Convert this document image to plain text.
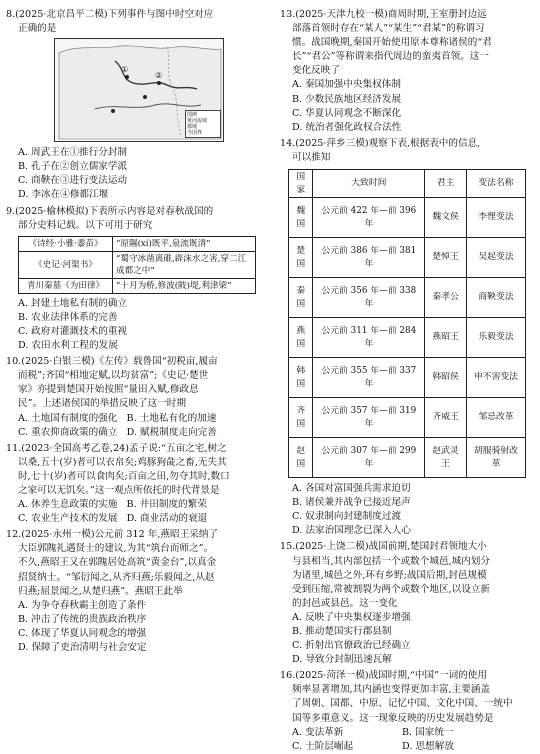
8.(2025·北京昌平二模)下列事件与图中时空对应

正确的是

①
②
图例
黄河流域
都城
今国界

A. 周武王在①推行分封制

B. 孔子在②创立儒家学派

C. 商鞅在③进行变法运动

D. 李冰在④修都江堰

9.(2025·榆林模拟)下表所示内容是对春秋战国的

部分史料记载。以下可用于研究

《诗经·小雅·黍苗》	“原隰(xí)既平,泉流既清”
《史记·河渠书》	“蜀守冰凿离碓,辟沫水之害,穿二江成都之中”
青川秦墓《为田律》	“十月为桥,修波(陂)堤,利津梁”

A. 封建土地私有制的确立

B. 农业法律体系的完善

C. 政府对灌溉技术的重视

D. 农田水利工程的发展

10.(2025·白银三模)《左传》载鲁国“初税亩,履亩

而税”;齐国“相地定赋,以均贫富”;《史记·楚世

家》亦提到楚国开始按照“量田入赋,修政息

民”。上述诸侯国的举措反映了这一时期

A. 土地国有制度的强化 B. 土地私有化的加速

C. 重农抑商政策的确立 D. 赋税制度走向完善

11.(2023·全国高考乙卷,24)孟子说:“五亩之宅,树之

以桑,五十(岁)者可以衣帛矣;鸡豚狗彘之畜,无失其

时,七十(岁)者可以食肉矣;百亩之田,勿夺其时,数口

之家可以无饥矣。”这一观点所依托的时代背景是

A. 休养生息政策的实施 B. 井田制度的繁荣

C. 农业生产技术的发展 D. 商业活动的衰退

12.(2025·永州一模)公元前 312 年,燕昭王采纳了

大臣郭隗礼遇贤士的建议,为其“筑台而师之”。

不久,燕昭王又在郭隗居处高筑“黄金台”,以真金

招贤纳士。“邹衍闻之,从齐归燕;乐毅闻之,从赵

归燕;屈景闻之,从楚归燕”。燕昭王此举

A. 为争夺春秋霸主创造了条件

B. 冲击了传统的贵族政治秩序

C. 体现了华夏认同观念的增强

D. 保障了吏治清明与社会安定

13.(2025·天津九校一模)商周时期,王室册封边远

部落首领时存在“某人”“某生”“君某”的称谓习

惯。战国晚期,秦国开始使用原本尊称诸侯的“君

长”“君公”等称谓来指代周边的蛮夷首领。这一

变化反映了

A. 秦国加强中央集权体制

B. 少数民族地区经济发展

C. 华夏认同观念不断深化

D. 统治者强化政权合法性

14.(2025·萍乡三模)观察下表,根据表中的信息,

可以推知

国家	大致时间	君主	变法名称
魏国	公元前 422 年—前 396 年	魏文侯	李悝变法
楚国	公元前 386 年—前 381 年	楚悼王	吴起变法
秦国	公元前 356 年—前 338 年	秦孝公	商鞅变法
燕国	公元前 311 年—前 284 年	燕昭王	乐毅变法
韩国	公元前 355 年—前 337 年	韩昭侯	申不害变法
齐国	公元前 357 年—前 319 年	齐威王	邹忌改革
赵国	公元前 307 年—前 299 年	赵武灵王	胡服骑射改革

A. 各国对富国强兵需求迫切

B. 诸侯兼并战争已接近尾声

C. 奴隶制向封建制度过渡

D. 法家治国理念已深入人心

15.(2025·上饶二模)战国前期,楚国封君领地大小

与县相当,其内部包括一个或数个城邑,城内划分

为诸里,城邑之外,环有乡野;战国后期,封邑规模

受到压缩,常被割裂为两个或数个地区,以设立新

的封邑或县邑。这一变化

A. 反映了中央集权逐步增强

B. 推动楚国实行郡县制

C. 折射出官僚政治已经确立

D. 导致分封制迅速瓦解

16.(2025·菏泽一模)战国时期,“中国”一词的使用

频率显著增加,其内涵也变得更加丰富,主要涵盖

了周朝、国都、中原、记忆中国、文化中国、一统中

国等多重意义。这一现象反映的历史发展趋势是

A. 变法革新	B. 国家统一

C. 士阶层崛起	D. 思想解放
